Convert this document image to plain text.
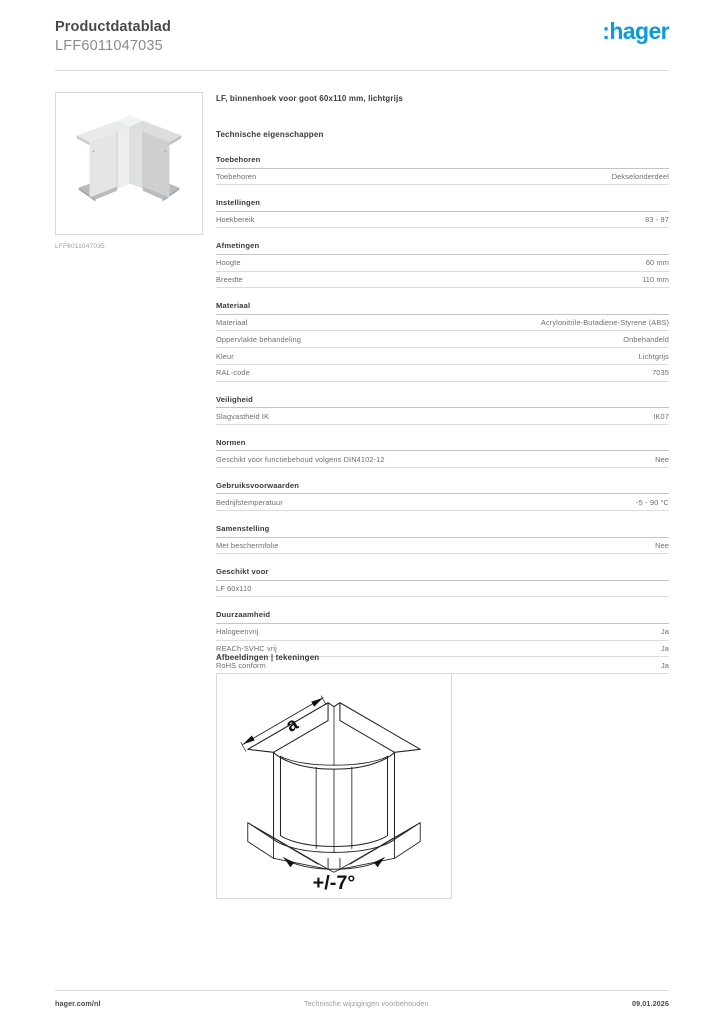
Productdatablad
LFF6011047035
:hager
LFF6011047035
LF, binnenhoek voor goot 60x110 mm, lichtgrijs
Technische eigenschappen
Toebehoren
Toebehoren	Dekselonderdeel
Instellingen
Hoekbereik	83 - 97
Afmetingen
Hoogte	60 mm
Breedte	110 mm
Materiaal
Materiaal	Acrylonitrile-Butadiene-Styrene (ABS)
Oppervlakte behandeling	Onbehandeld
Kleur	Lichtgrijs
RAL-code	7035
Veiligheid
Slagvastheid IK	IK07
Normen
Geschikt voor functiebehoud volgens DIN4102-12	Nee
Gebruiksvoorwaarden
Bedrijfstemperatuur	-5 - 90 °C
Samenstelling
Met beschermfolie	Nee
Geschikt voor
LF 60x110
Duurzaamheid
Halogeenvrij	Ja
REACh-SVHC vrij	Ja
RoHS conform	Ja
Afbeeldingen | tekeningen
a
+/-7°
hager.com/nl	Technische wijzigingen voorbehouden	09.01.2026
